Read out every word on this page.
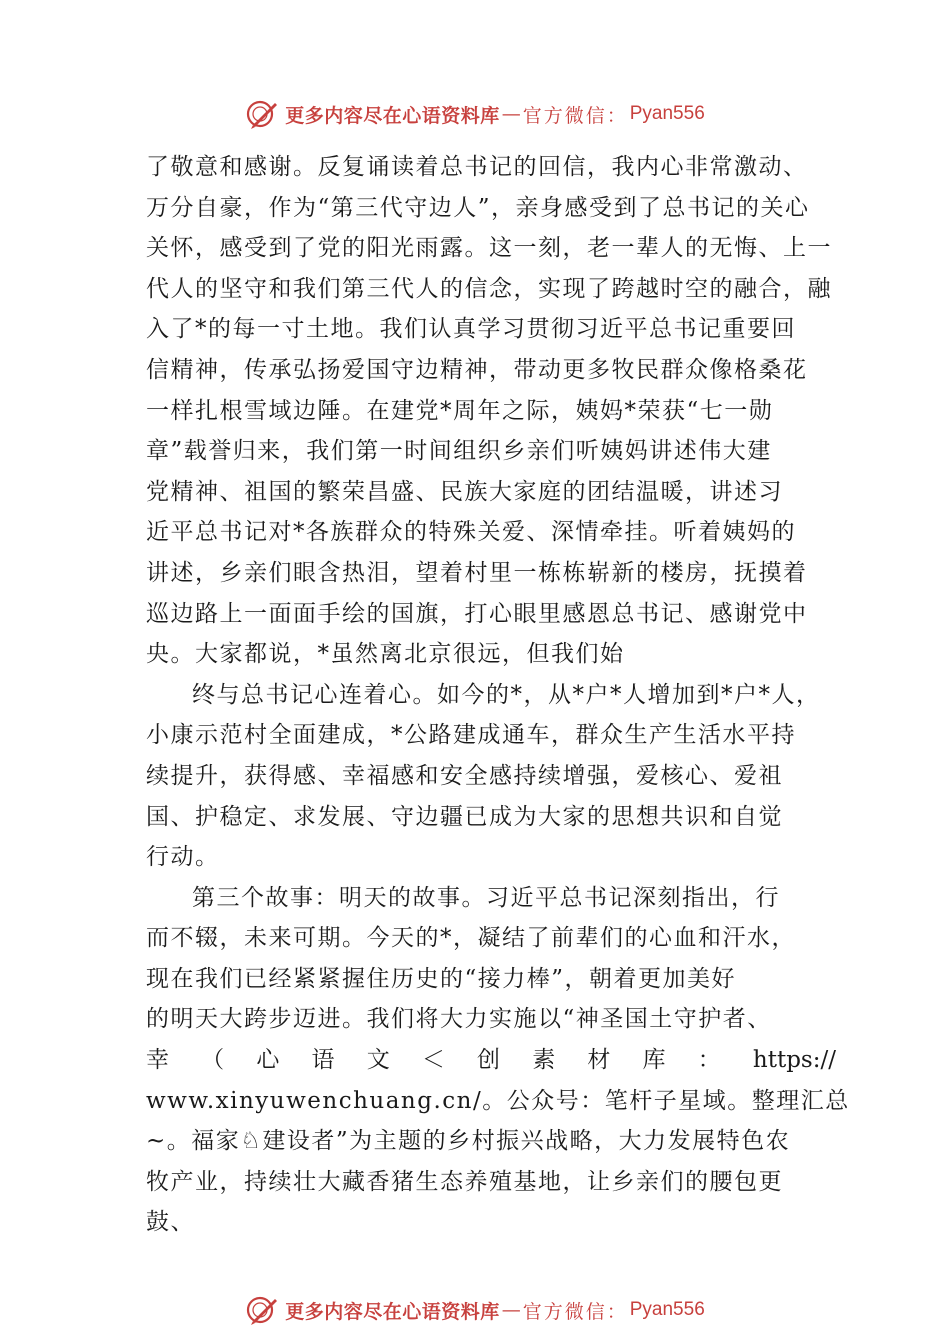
更多内容尽在心语资料库 — 官方微信： Pyan556
了敬意和感谢。反复诵读着总书记的回信，我内心非常激动、
万分自豪，作为“第三代守边人”，亲身感受到了总书记的关心
关怀，感受到了党的阳光雨露。这一刻，老一辈人的无悔、上一
代人的坚守和我们第三代人的信念，实现了跨越时空的融合，融
入了*的每一寸土地。我们认真学习贯彻习近平总书记重要回
信精神，传承弘扬爱国守边精神，带动更多牧民群众像格桑花
一样扎根雪域边陲。在建党*周年之际，姨妈*荣获“七一勋
章”载誉归来，我们第一时间组织乡亲们听姨妈讲述伟大建
党精神、祖国的繁荣昌盛、民族大家庭的团结温暖，讲述习
近平总书记对*各族群众的特殊关爱、深情牵挂。听着姨妈的
讲述，乡亲们眼含热泪，望着村里一栋栋崭新的楼房，抚摸着
巡边路上一面面手绘的国旗，打心眼里感恩总书记、感谢党中
央。大家都说，*虽然离北京很远，但我们始
终与总书记心连着心。如今的*，从*户*人增加到*户*人，
小康示范村全面建成，*公路建成通车，群众生产生活水平持
续提升，获得感、幸福感和安全感持续增强，爱核心、爱祖
国、护稳定、求发展、守边疆已成为大家的思想共识和自觉
行动。
第三个故事：明天的故事。习近平总书记深刻指出，行
而不辍，未来可期。今天的*，凝结了前辈们的心血和汗水，
现在我们已经紧紧握住历史的“接力棒”，朝着更加美好
的明天大跨步迈进。我们将大力实施以“神圣国土守护者、
幸 （ 心 语 文 ＜ 创 素 材 库 ： https://
www.xinyuwenchuang.cn/。公众号：笔杆子星域。整理汇总
~。福家♘建设者”为主题的乡村振兴战略，大力发展特色农
牧产业，持续壮大藏香猪生态养殖基地，让乡亲们的腰包更
鼓、
更多内容尽在心语资料库 — 官方微信： Pyan556
